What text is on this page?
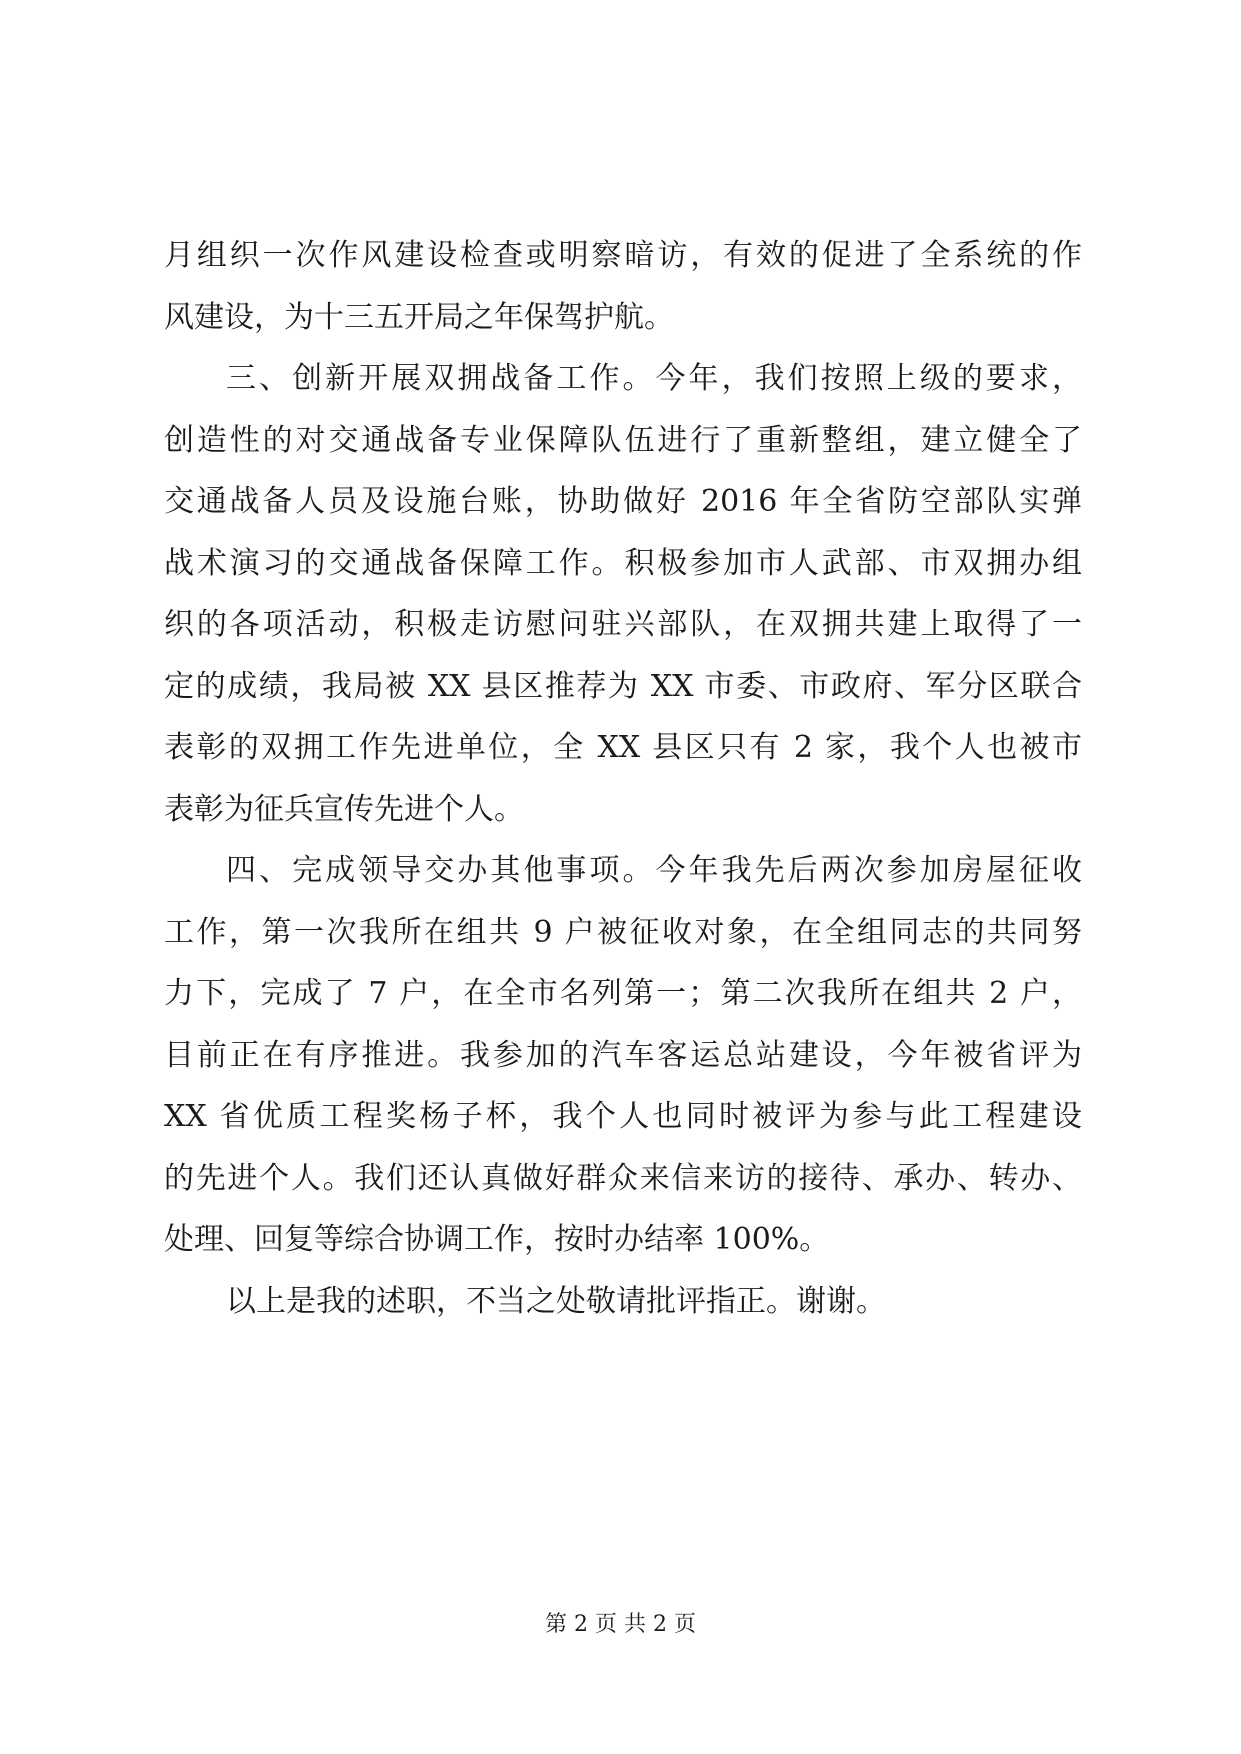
月组织一次作风建设检查或明察暗访，有效的促进了全系统的作
风建设，为十三五开局之年保驾护航。
三、创新开展双拥战备工作。今年，我们按照上级的要求，
创造性的对交通战备专业保障队伍进行了重新整组，建立健全了
交通战备人员及设施台账，协助做好 2016 年全省防空部队实弹
战术演习的交通战备保障工作。积极参加市人武部、市双拥办组
织的各项活动，积极走访慰问驻兴部队，在双拥共建上取得了一
定的成绩，我局被 XX 县区推荐为 XX 市委、市政府、军分区联合
表彰的双拥工作先进单位，全 XX 县区只有 2 家，我个人也被市
表彰为征兵宣传先进个人。
四、完成领导交办其他事项。今年我先后两次参加房屋征收
工作，第一次我所在组共 9 户被征收对象，在全组同志的共同努
力下，完成了 7 户，在全市名列第一；第二次我所在组共 2 户，
目前正在有序推进。我参加的汽车客运总站建设，今年被省评为
XX 省优质工程奖杨子杯，我个人也同时被评为参与此工程建设
的先进个人。我们还认真做好群众来信来访的接待、承办、转办、
处理、回复等综合协调工作，按时办结率 100%。
以上是我的述职，不当之处敬请批评指正。谢谢。
第 2 页 共 2 页
